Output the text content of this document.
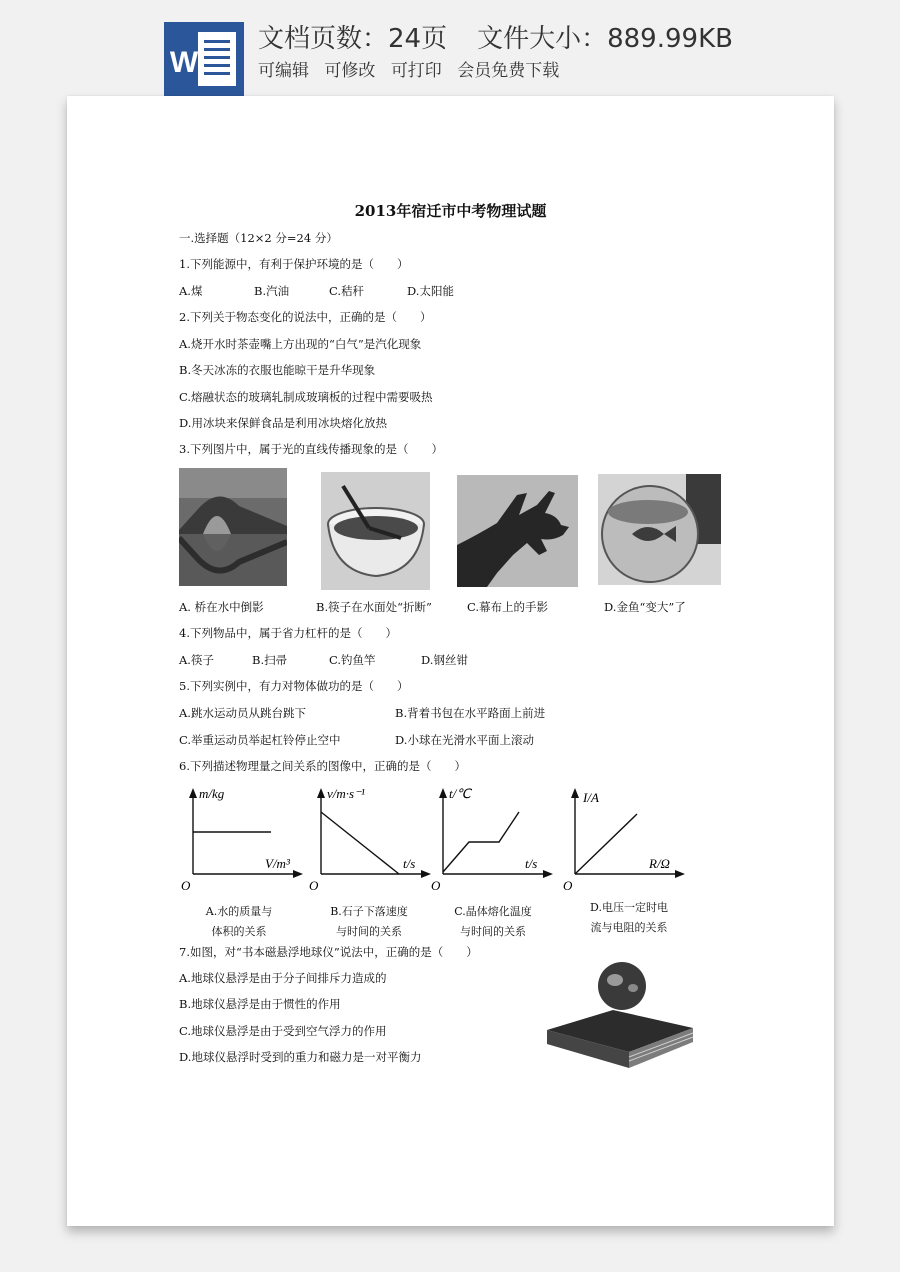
W
文档页数：24页 文件大小：889.99KB
可编辑 可修改 可打印 会员免费下载
2013年宿迁市中考物理试题
一.选择题（12×2 分=24 分）
1.下列能源中，有利于保护环境的是（　　）
A.煤	B.汽油	C.秸秆	D.太阳能
2.下列关于物态变化的说法中，正确的是（　　）
A.烧开水时茶壶嘴上方出现的“白气”是汽化现象
B.冬天冰冻的衣服也能晾干是升华现象
C.熔融状态的玻璃轧制成玻璃板的过程中需要吸热
D.用冰块来保鲜食品是利用冰块熔化放热
3.下列图片中，属于光的直线传播现象的是（　　）
A. 桥在水中倒影	B.筷子在水面处“折断”	C.幕布上的手影	D.金鱼“变大”了
4.下列物品中，属于省力杠杆的是（　　）
A.筷子	B.扫帚	C.钓鱼竿	D.钢丝钳
5.下列实例中，有力对物体做功的是（　　）
A.跳水运动员从跳台跳下	B.背着书包在水平路面上前进
C.举重运动员举起杠铃停止空中	D.小球在光滑水平面上滚动
6.下列描述物理量之间关系的图像中，正确的是（　　）
m/kg
V/m³
O
v/m·s⁻¹
t/s
O
t/℃
t/s
O
I/A
R/Ω
O
A.水的质量与
体积的关系
B.石子下落速度
与时间的关系
C.晶体熔化温度
与时间的关系
D.电压一定时电
流与电阻的关系
7.如图，对“书本磁悬浮地球仪”说法中，正确的是（　　）
A.地球仪悬浮是由于分子间排斥力造成的
B.地球仪悬浮是由于惯性的作用
C.地球仪悬浮是由于受到空气浮力的作用
D.地球仪悬浮时受到的重力和磁力是一对平衡力
